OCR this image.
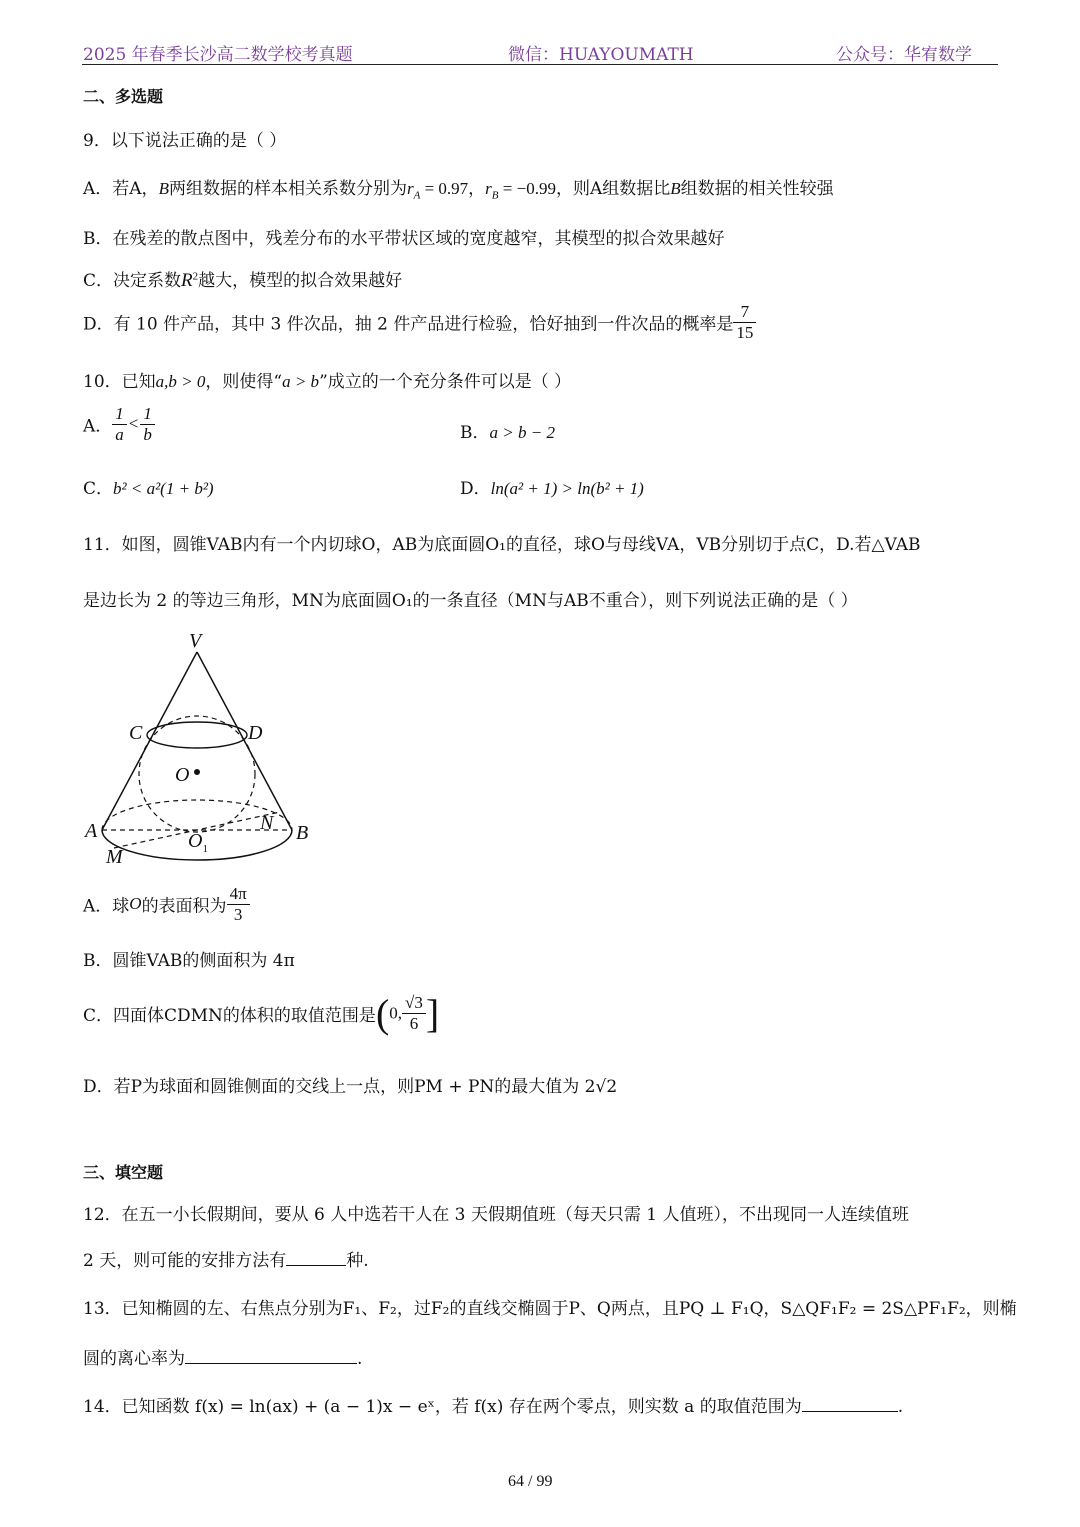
2025 年春季长沙高二数学校考真题	微信：HUAYOUMATH	公众号：华宥数学
二、多选题
9．以下说法正确的是（ ）
A．若A，B两组数据的样本相关系数分别为$r_A = 0.97$，$r_B = -0.99$，则A组数据比B组数据的相关性较强
B．在残差的散点图中，残差分布的水平带状区域的宽度越窄，其模型的拟合效果越好
C．决定系数$R^2$越大，模型的拟合效果越好
D．有 10 件产品，其中 3 件次品，抽 2 件产品进行检验，恰好抽到一件次品的概率是 $\frac{7}{15}$
10．已知a,b > 0，则使得“a > b”成立的一个充分条件可以是（ ）
A． $\frac{1}{a} < \frac{1}{b}$	B．a > b − 2
C．b² < a²(1 + b²)	D．ln(a² + 1) > ln(b² + 1)
11．如图，圆锥VAB内有一个内切球O，AB为底面圆O₁的直径，球O与母线VA，VB分别切于点C，D.若△VAB
是边长为 2 的等边三角形，MN为底面圆O₁的一条直径（MN与AB不重合），则下列说法正确的是（ ）
V
C	D
O
A	N B
$O_1$
M
A．球O的表面积为 $\frac{4\pi}{3}$
B．圆锥VAB的侧面积为 4π
C．四面体CDMN的体积的取值范围是(0, $\frac{√3}{6}$ ]
D．若P为球面和圆锥侧面的交线上一点，则PM + PN的最大值为 2√2
三、填空题
12．在五一小长假期间，要从 6 人中选若干人在 3 天假期值班（每天只需 1 人值班），不出现同一人连续值班
2 天，则可能的安排方法有	种.
13．已知椭圆的左、右焦点分别为F₁、F₂，过F₂的直线交椭圆于P、Q两点，且PQ ⊥ F₁Q，S△QF₁F₂ = 2S△PF₁F₂，则椭
圆的离心率为	.
14．已知函数 f(x) = ln(ax) + (a − 1)x − eˣ，若 f(x) 存在两个零点，则实数 a 的取值范围为	.
64 / 99
